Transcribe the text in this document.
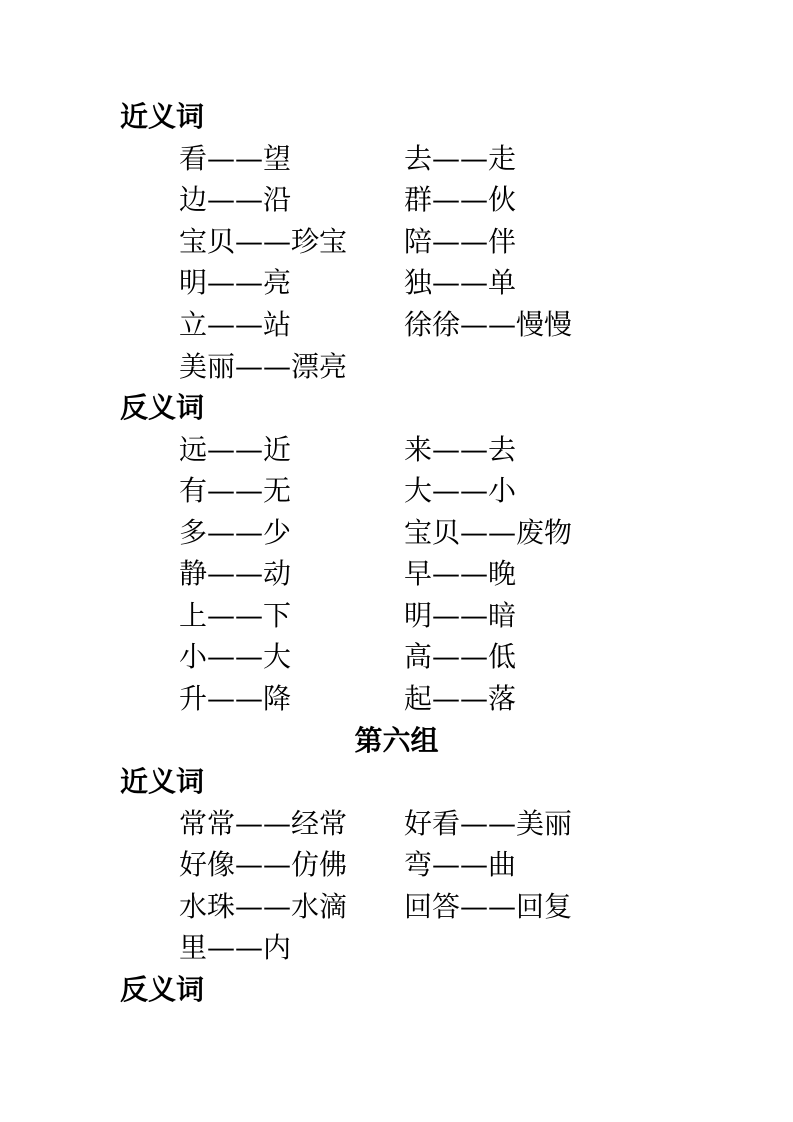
近义词
看——望	去——走
边——沿	群——伙
宝贝——珍宝 陪——伴
明——亮	独——单
立——站	徐徐——慢慢
美丽——漂亮
反义词
远——近	来——去
有——无	大——小
多——少	宝贝——废物
静——动	早——晚
上——下	明——暗
小——大	高——低
升——降	起——落
第六组
近义词
常常——经常 好看——美丽
好像——仿佛 弯——曲
水珠——水滴 回答——回复
里——内
反义词
